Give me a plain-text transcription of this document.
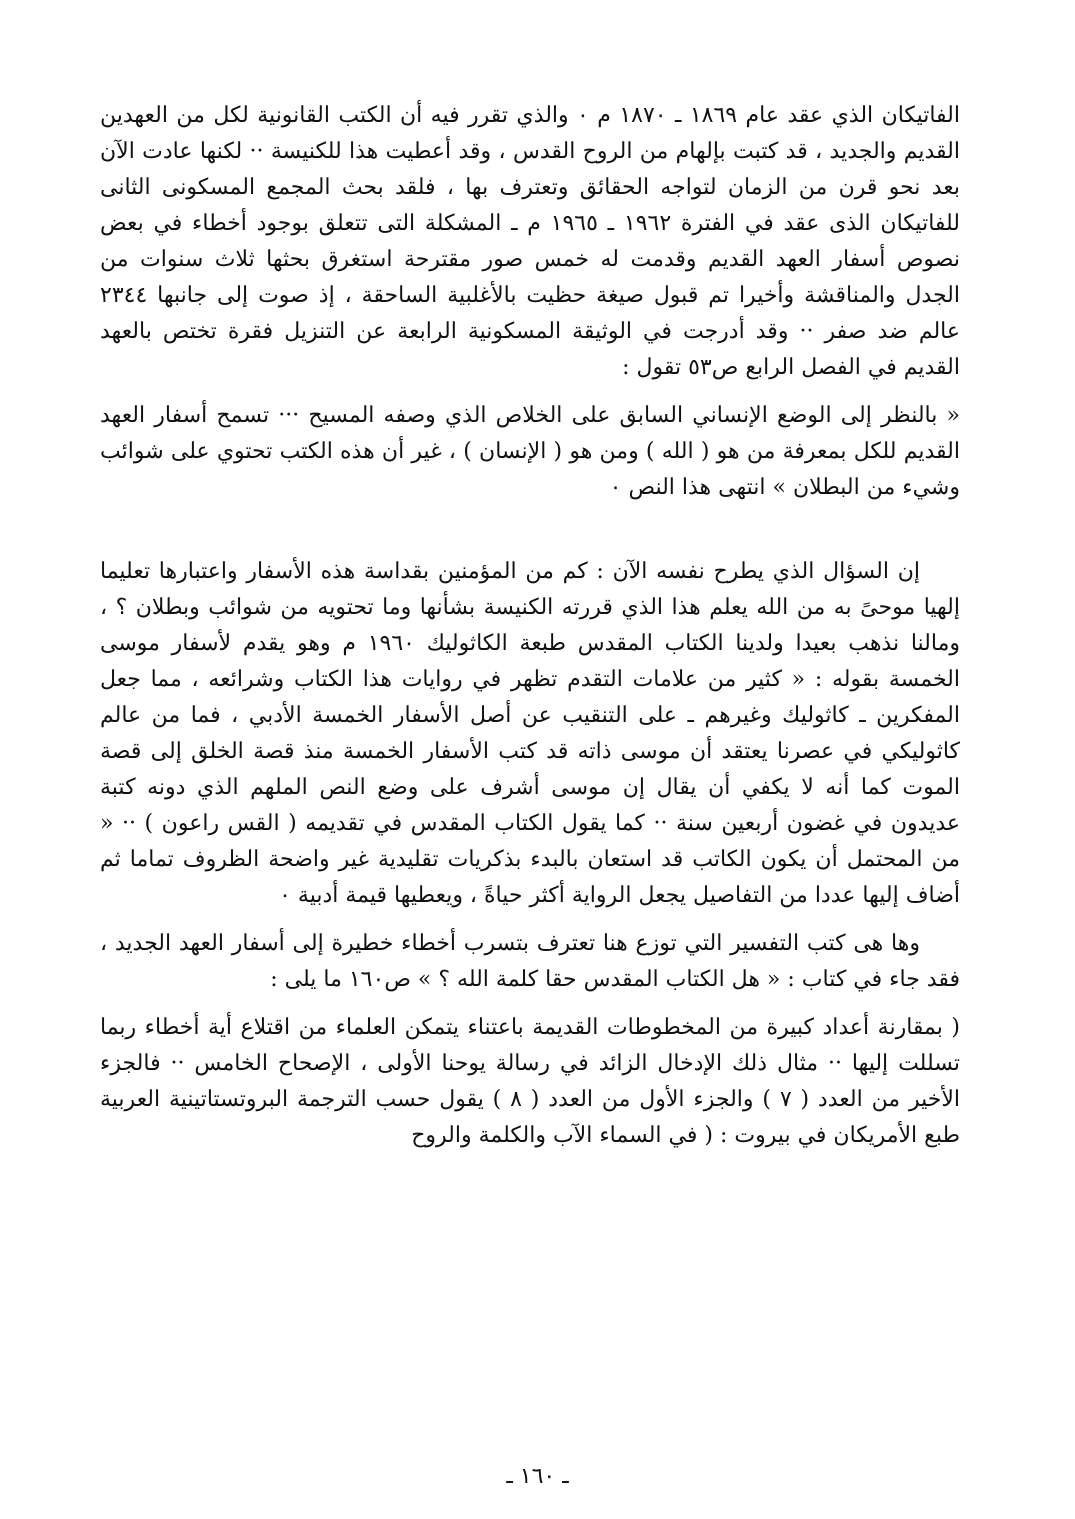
الفاتيكان الذي عقد عام ١٨٦٩ ـ ١٨٧٠ م ٠ والذي تقرر فيه أن الكتب القانونية لكل من العهدين القديم والجديد ، قد كتبت بإلهام من الروح القدس ، وقد أعطيت هذا للكنيسة ·· لكنها عادت الآن بعد نحو قرن من الزمان لتواجه الحقائق وتعترف بها ، فلقد بحث المجمع المسكونى الثانى للفاتيكان الذى عقد في الفترة ١٩٦٢ ـ ١٩٦٥ م ـ المشكلة التى تتعلق بوجود أخطاء في بعض نصوص أسفار العهد القديم وقدمت له خمس صور مقترحة استغرق بحثها ثلاث سنوات من الجدل والمناقشة وأخيرا تم قبول صيغة حظيت بالأغلبية الساحقة ، إذ صوت إلى جانبها ٢٣٤٤ عالم ضد صفر ·· وقد أدرجت في الوثيقة المسكونية الرابعة عن التنزيل فقرة تختص بالعهد القديم في الفصل الرابع ص٥٣ تقول :

« بالنظر إلى الوضع الإنساني السابق على الخلاص الذي وصفه المسيح ··· تسمح أسفار العهد القديم للكل بمعرفة من هو ( الله ) ومن هو ( الإنسان ) ، غير أن هذه الكتب تحتوي على شوائب وشيء من البطلان » انتهى هذا النص ٠

إن السؤال الذي يطرح نفسه الآن : كم من المؤمنين بقداسة هذه الأسفار واعتبارها تعليما إلهيا موحىً به من الله يعلم هذا الذي قررته الكنيسة بشأنها وما تحتويه من شوائب وبطلان ؟ ، ومالنا نذهب بعيدا ولدينا الكتاب المقدس طبعة الكاثوليك ١٩٦٠ م وهو يقدم لأسفار موسى الخمسة بقوله : « كثير من علامات التقدم تظهر في روايات هذا الكتاب وشرائعه ، مما جعل المفكرين ـ كاثوليك وغيرهم ـ على التنقيب عن أصل الأسفار الخمسة الأدبي ، فما من عالم كاثوليكي في عصرنا يعتقد أن موسى ذاته قد كتب الأسفار الخمسة منذ قصة الخلق إلى قصة الموت كما أنه لا يكفي أن يقال إن موسى أشرف على وضع النص الملهم الذي دونه كتبة عديدون في غضون أربعين سنة ·· كما يقول الكتاب المقدس في تقديمه ( القس راعون ) ·· « من المحتمل أن يكون الكاتب قد استعان بالبدء بذكريات تقليدية غير واضحة الظروف تماما ثم أضاف إليها عددا من التفاصيل يجعل الرواية أكثر حياةً ، ويعطيها قيمة أدبية ٠

وها هى كتب التفسير التي توزع هنا تعترف بتسرب أخطاء خطيرة إلى أسفار العهد الجديد ، فقد جاء في كتاب : « هل الكتاب المقدس حقا كلمة الله ؟ » ص١٦٠ ما يلى :

( بمقارنة أعداد كبيرة من المخطوطات القديمة باعتناء يتمكن العلماء من اقتلاع أية أخطاء ربما تسللت إليها ·· مثال ذلك الإدخال الزائد في رسالة يوحنا الأولى ، الإصحاح الخامس ·· فالجزء الأخير من العدد ( ٧ ) والجزء الأول من العدد ( ٨ ) يقول حسب الترجمة البروتستاتينية العربية طبع الأمريكان في بيروت : ( في السماء الآب والكلمة والروح

ـ ١٦٠ ـ
